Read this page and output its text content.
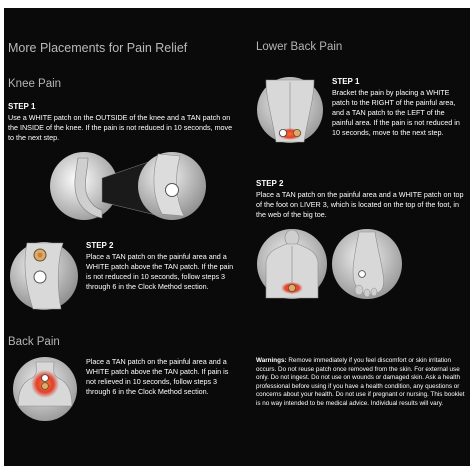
More Placements for Pain Relief
Knee Pain
STEP 1
Use a WHITE patch on the OUTSIDE of the knee and a TAN patch on the INSIDE of the knee. If the pain is not reduced in 10 seconds, move to the next step.
STEP 2
Place a TAN patch on the painful area and a WHITE patch above the TAN patch. If the pain is not reduced in 10 seconds, follow steps 3 through 6 in the Clock Method section.
Back Pain
Place a TAN patch on the painful area and a WHITE patch above the TAN patch. If pain is not relieved in 10 seconds, follow steps 3 through 6 in the Clock Method section.
Lower Back Pain
STEP 1
Bracket the pain by placing a WHITE patch to the RIGHT of the painful area, and a TAN patch to the LEFT of the painful area. If the pain is not reduced in 10 seconds, move to the next step.
STEP 2
Place a TAN patch on the painful area and a WHITE patch on top of the foot on LIVER 3, which is located on the top of the foot, in the web of the big toe.
Warnings: Remove immediately if you feel discomfort or skin irritation occurs. Do not reuse patch once removed from the skin. For external use only. Do not ingest. Do not use on wounds or damaged skin. Ask a health professional before using if you have a health condition, any questions or concerns about your health. Do not use if pregnant or nursing. This booklet is no way intended to be medical advice. Individual results will vary.
